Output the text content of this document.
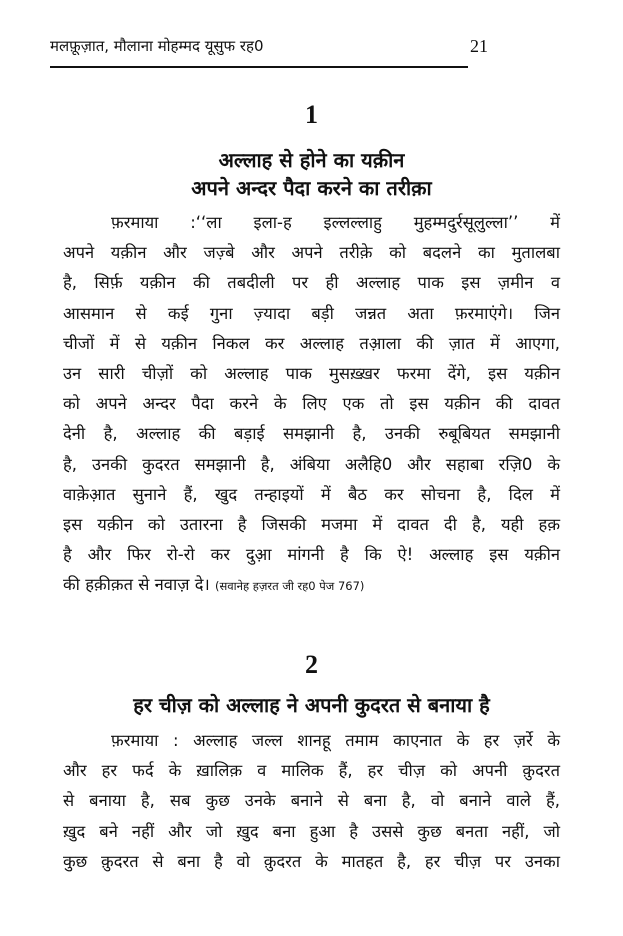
मलफ़ूज़ात, मौलाना मोहम्मद यूसुफ रह0	21
1
अल्लाह से होने का यक़ीन
अपने अन्दर पैदा करने का तरीक़ा
फ़रमाया :‘‘ला इला-ह इल्लल्लाहु मुहम्मदुर्रसूलुल्ला’’ में
अपने यक़ीन और जज़्बे और अपने तरीक़े को बदलने का मुतालबा
है, सिर्फ़ यक़ीन की तबदीली पर ही अल्लाह पाक इस ज़मीन व
आसमान से कई गुना ज़्यादा बड़ी जन्नत अता फ़रमाएंगे। जिन
चीजों में से यक़ीन निकल कर अल्लाह तआ़ला की ज़ात में आएगा,
उन सारी चीज़ों को अल्लाह पाक मुसख़्ख़र फरमा देंगे, इस यक़ीन
को अपने अन्दर पैदा करने के लिए एक तो इस यक़ीन की दावत
देनी है, अल्लाह की बड़ाई समझानी है, उनकी रुबूबियत समझानी
है, उनकी कुदरत समझानी है, अंबिया अलैहि0 और सहाबा रज़ि0 के
वाक़ेआ़त सुनाने हैं, खुद तन्हाइयों में बैठ कर सोचना है, दिल में
इस यक़ीन को उतारना है जिसकी मजमा में दावत दी है, यही हक़
है और फिर रो-रो कर दुआ़ मांगनी है कि ऐ! अल्लाह इस यक़ीन
की हक़ीक़त से नवाज़ दे। (सवानेह हज़रत जी रह0 पेज 767)
2
हर चीज़ को अल्लाह ने अपनी कुदरत से बनाया है
फ़रमाया : अल्लाह जल्ल शानहू तमाम काएनात के हर ज़र्रे के
और हर फर्द के ख़ालिक़ व मालिक हैं, हर चीज़ को अपनी क़ुदरत
से बनाया है, सब कुछ उनके बनाने से बना है, वो बनाने वाले हैं,
ख़ुद बने नहीं और जो ख़ुद बना हुआ है उससे कुछ बनता नहीं, जो
कुछ क़ुदरत से बना है वो क़ुदरत के मातहत है, हर चीज़ पर उनका
